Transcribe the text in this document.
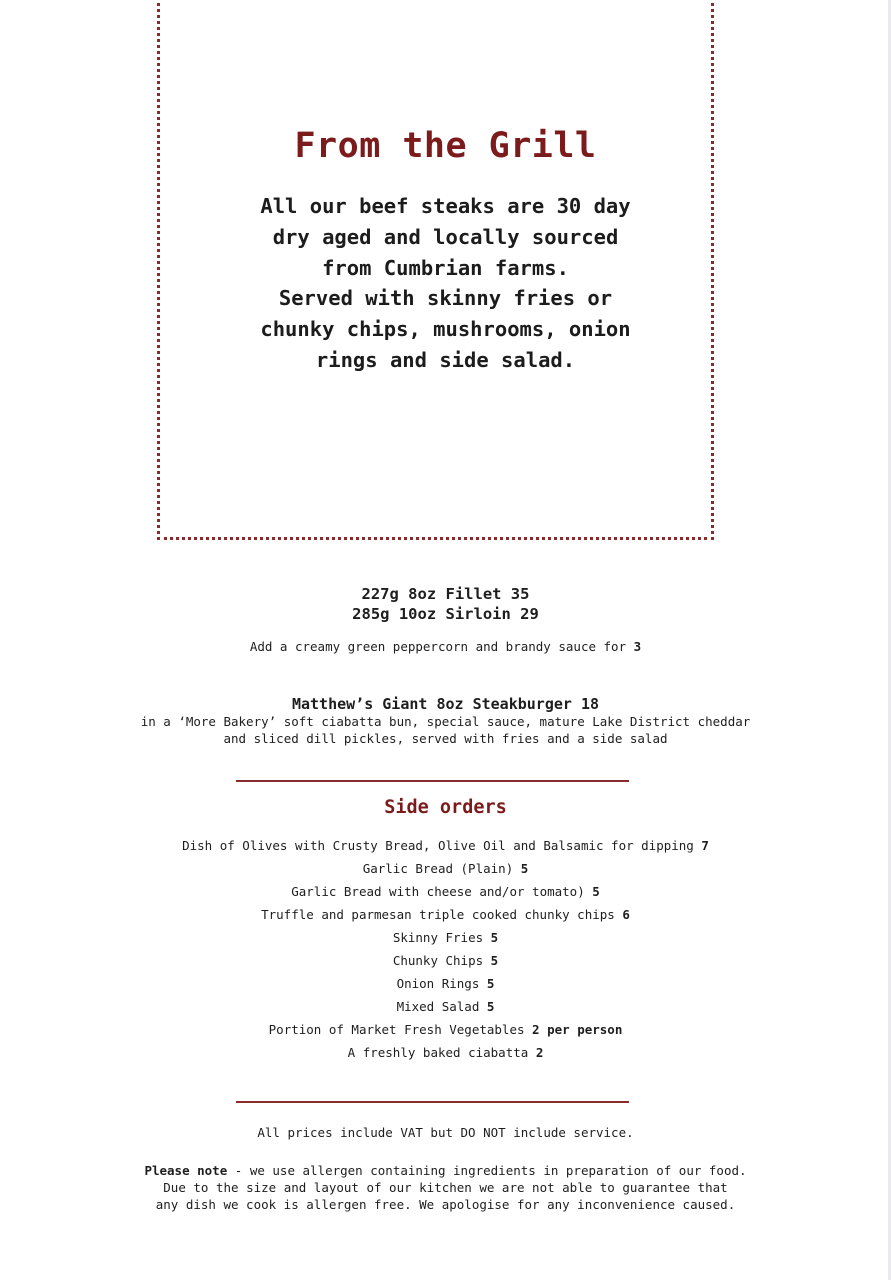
From the Grill
All our beef steaks are 30 day
dry aged and locally sourced
from Cumbrian farms.
Served with skinny fries or
chunky chips, mushrooms, onion
rings and side salad.
227g 8oz Fillet 35
285g 10oz Sirloin 29

Add a creamy green peppercorn and brandy sauce for 3

Matthew’s Giant 8oz Steakburger 18

in a ‘More Bakery’ soft ciabatta bun, special sauce, mature Lake District cheddar
and sliced dill pickles, served with fries and a side salad
Side orders
Dish of Olives with Crusty Bread, Olive Oil and Balsamic for dipping 7
Garlic Bread (Plain) 5
Garlic Bread with cheese and/or tomato) 5
Truffle and parmesan triple cooked chunky chips 6
Skinny Fries 5
Chunky Chips 5
Onion Rings 5
Mixed Salad 5
Portion of Market Fresh Vegetables 2 per person
A freshly baked ciabatta 2

All prices include VAT but DO NOT include service.

Please note - we use allergen containing ingredients in preparation of our food.
Due to the size and layout of our kitchen we are not able to guarantee that
any dish we cook is allergen free. We apologise for any inconvenience caused.
